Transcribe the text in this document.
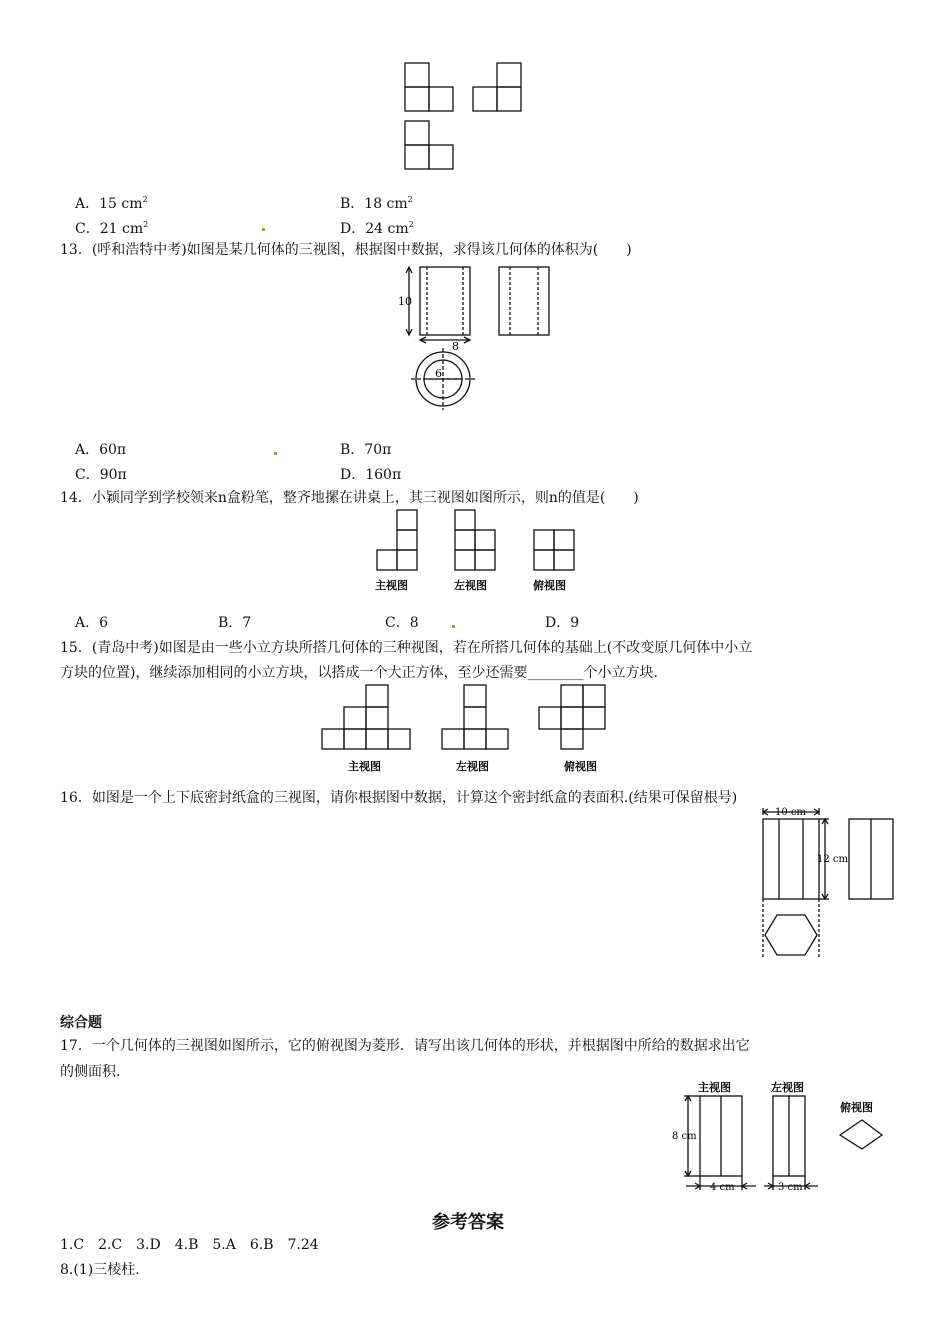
A．15 $cm^2$	B．18 $cm^2$
C．21 $cm^2$	D．24 $cm^2$
13．(呼和浩特中考)如图是某几何体的三视图，根据图中数据，求得该几何体的体积为(　　)
10
8
6
A．60π	B．70π
C．90π	D．160π
14．小颖同学到学校领来n盒粉笔，整齐地摞在讲桌上，其三视图如图所示，则n的值是(　　)
主视图	左视图	俯视图
A．6	B．7	C．8	D．9
15．(青岛中考)如图是由一些小立方块所搭几何体的三种视图，若在所搭几何体的基础上(不改变原几何体中小立
方块的位置)，继续添加相同的小立方块，以搭成一个大正方体，至少还需要________个小立方块.
主视图	左视图	俯视图
16．如图是一个上下底密封纸盒的三视图，请你根据图中数据，计算这个密封纸盒的表面积.(结果可保留根号)
10 cm
12 cm
综合题
17．一个几何体的三视图如图所示，它的俯视图为菱形．请写出该几何体的形状，并根据图中所给的数据求出它
的侧面积.
主视图	左视图
俯视图
8 cm
4 cm	3 cm
参考答案
1.C　2.C　3.D　4.B　5.A　6.B　7.24
8.(1)三棱柱.
